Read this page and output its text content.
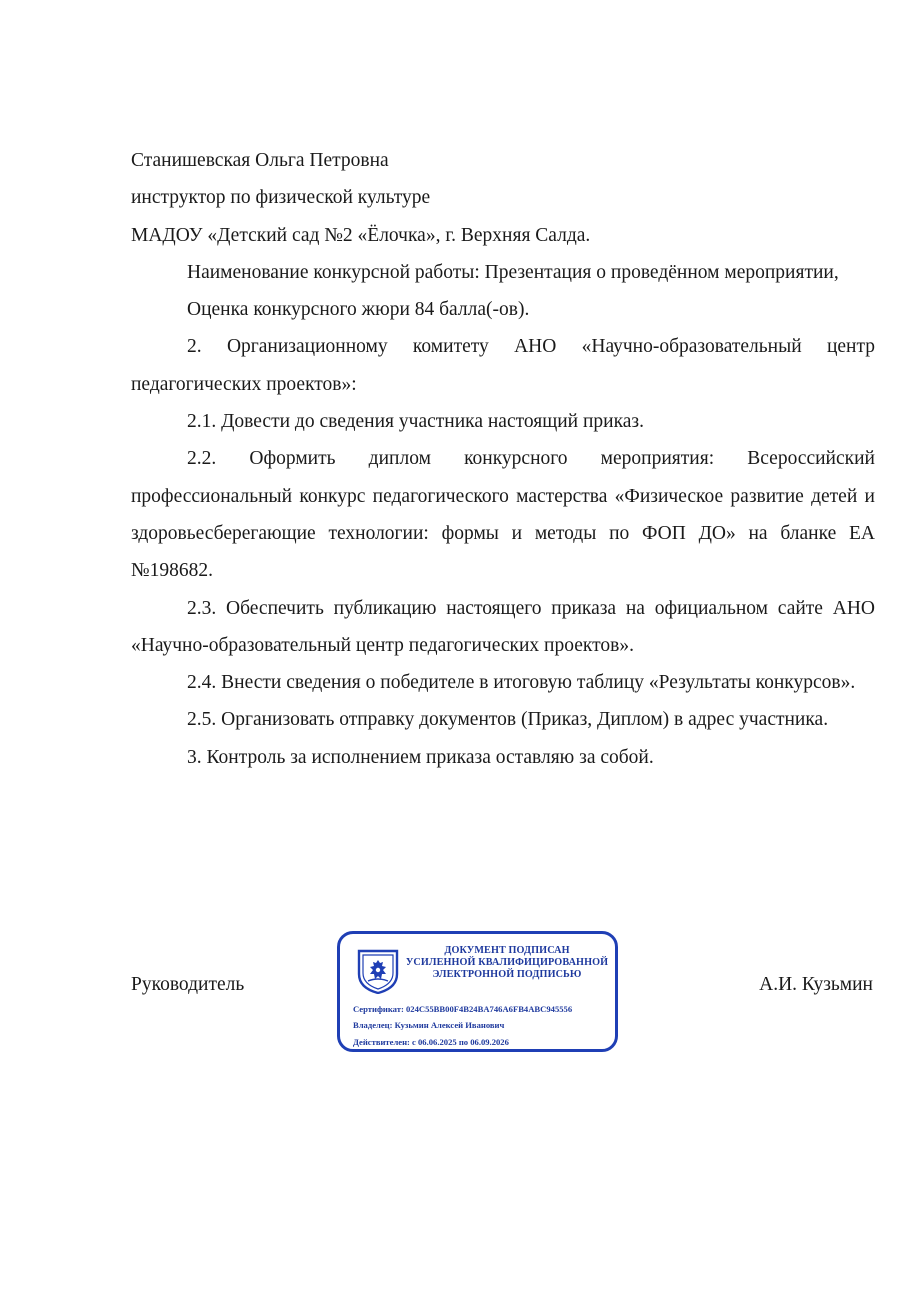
Станишевская Ольга Петровна
инструктор по физической культуре
МАДОУ «Детский сад №2 «Ёлочка», г. Верхняя Салда.

Наименование конкурсной работы: Презентация о проведённом мероприятии,

Оценка конкурсного жюри 84 балла(-ов).

2. Организационному комитету АНО «Научно-образовательный центр педагогических проектов»:

2.1. Довести до сведения участника настоящий приказ.

2.2. Оформить диплом конкурсного мероприятия: Всероссийский профессиональный конкурс педагогического мастерства «Физическое развитие детей и здоровьесберегающие технологии: формы и методы по ФОП ДО» на бланке ЕА №198682.

2.3. Обеспечить публикацию настоящего приказа на официальном сайте АНО «Научно-образовательный центр педагогических проектов».

2.4. Внести сведения о победителе в итоговую таблицу «Результаты конкурсов».

2.5. Организовать отправку документов (Приказ, Диплом) в адрес участника.

3. Контроль за исполнением приказа оставляю за собой.

Руководитель	А.И. Кузьмин
ДОКУМЕНТ ПОДПИСАН
УСИЛЕННОЙ КВАЛИФИЦИРОВАННОЙ
ЭЛЕКТРОННОЙ ПОДПИСЬЮ
Сертификат: 024C55BB00F4B24BA746A6FB4ABC945556
Владелец: Кузьмин Алексей Иванович
Действителен: с 06.06.2025 по 06.09.2026
